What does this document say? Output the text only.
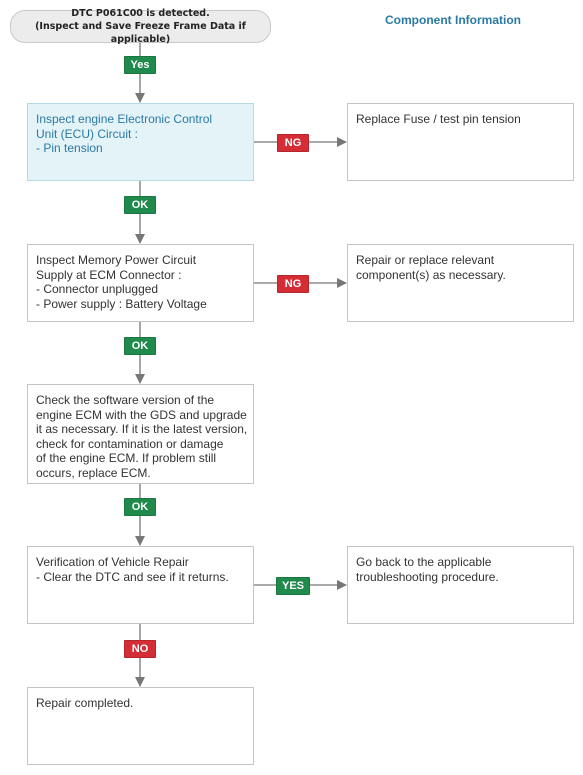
DTC P061C00 is detected.
(Inspect and Save Freeze Frame Data if applicable)
Component Information
Inspect engine Electronic Control
Unit (ECU) Circuit :
- Pin tension
Inspect Memory Power Circuit
Supply at ECM Connector :
- Connector unplugged
- Power supply : Battery Voltage
Check the software version of the
engine ECM with the GDS and upgrade
it as necessary. If it is the latest version,
check for contamination or damage
of the engine ECM. If problem still
occurs, replace ECM.
Verification of Vehicle Repair
- Clear the DTC and see if it returns.
Repair completed.
Replace Fuse / test pin tension
Repair or replace relevant
component(s) as necessary.
Go back to the applicable
troubleshooting procedure.
Yes
OK
OK
OK
NG
NG
YES
NO
